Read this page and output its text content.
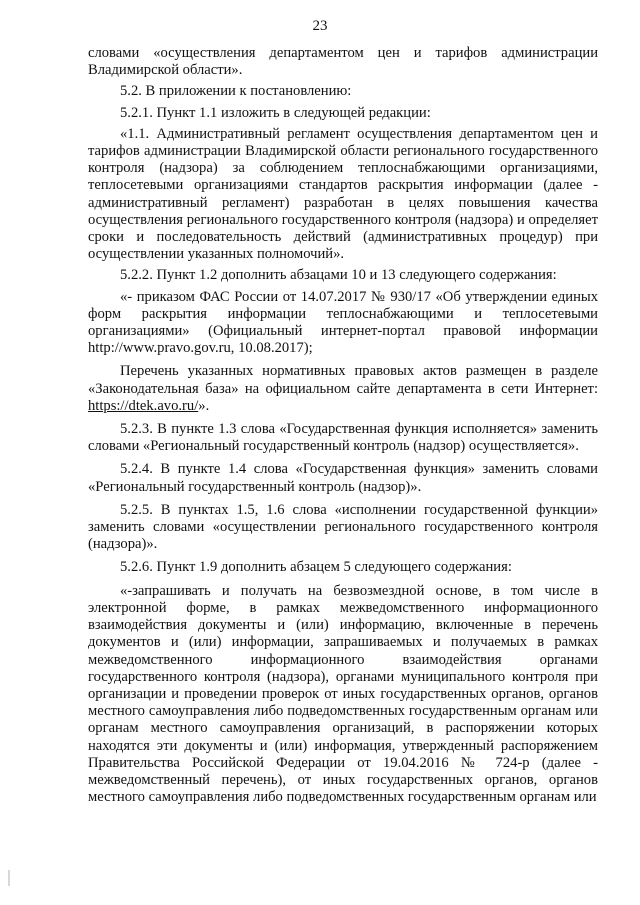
23

словами «осуществления департаментом цен и тарифов администрации Владимирской области».

5.2. В приложении к постановлению:

5.2.1. Пункт 1.1 изложить в следующей редакции:

«1.1. Административный регламент осуществления департаментом цен и тарифов администрации Владимирской области регионального государственного контроля (надзора) за соблюдением теплоснабжающими организациями, теплосетевыми организациями стандартов раскрытия информации (далее - административный регламент) разработан в целях повышения качества осуществления регионального государственного контроля (надзора) и определяет сроки и последовательность действий (административных процедур) при осуществлении указанных полномочий».

5.2.2. Пункт 1.2 дополнить абзацами 10 и 13 следующего содержания:

«- приказом ФАС России от 14.07.2017 № 930/17 «Об утверждении единых форм раскрытия информации теплоснабжающими и теплосетевыми организациями» (Официальный интернет-портал правовой информации http://www.pravo.gov.ru, 10.08.2017);

Перечень указанных нормативных правовых актов размещен в разделе «Законодательная база» на официальном сайте департамента в сети Интернет: https://dtek.avo.ru/».

5.2.3. В пункте 1.3 слова «Государственная функция исполняется» заменить словами «Региональный государственный контроль (надзор) осуществляется».

5.2.4. В пункте 1.4 слова «Государственная функция» заменить словами «Региональный государственный контроль (надзор)».

5.2.5. В пунктах 1.5, 1.6 слова «исполнении государственной функции» заменить словами «осуществлении регионального государственного контроля (надзора)».

5.2.6. Пункт 1.9 дополнить абзацем 5 следующего содержания:

«-запрашивать и получать на безвозмездной основе, в том числе в электронной форме, в рамках межведомственного информационного взаимодействия документы и (или) информацию, включенные в перечень документов и (или) информации, запрашиваемых и получаемых в рамках межведомственного информационного взаимодействия органами государственного контроля (надзора), органами муниципального контроля при организации и проведении проверок от иных государственных органов, органов местного самоуправления либо подведомственных государственным органам или органам местного самоуправления организаций, в распоряжении которых находятся эти документы и (или) информация, утвержденный распоряжением Правительства Российской Федерации от 19.04.2016 № 724-р (далее - межведомственный перечень), от иных государственных органов, органов местного самоуправления либо подведомственных государственным органам или
